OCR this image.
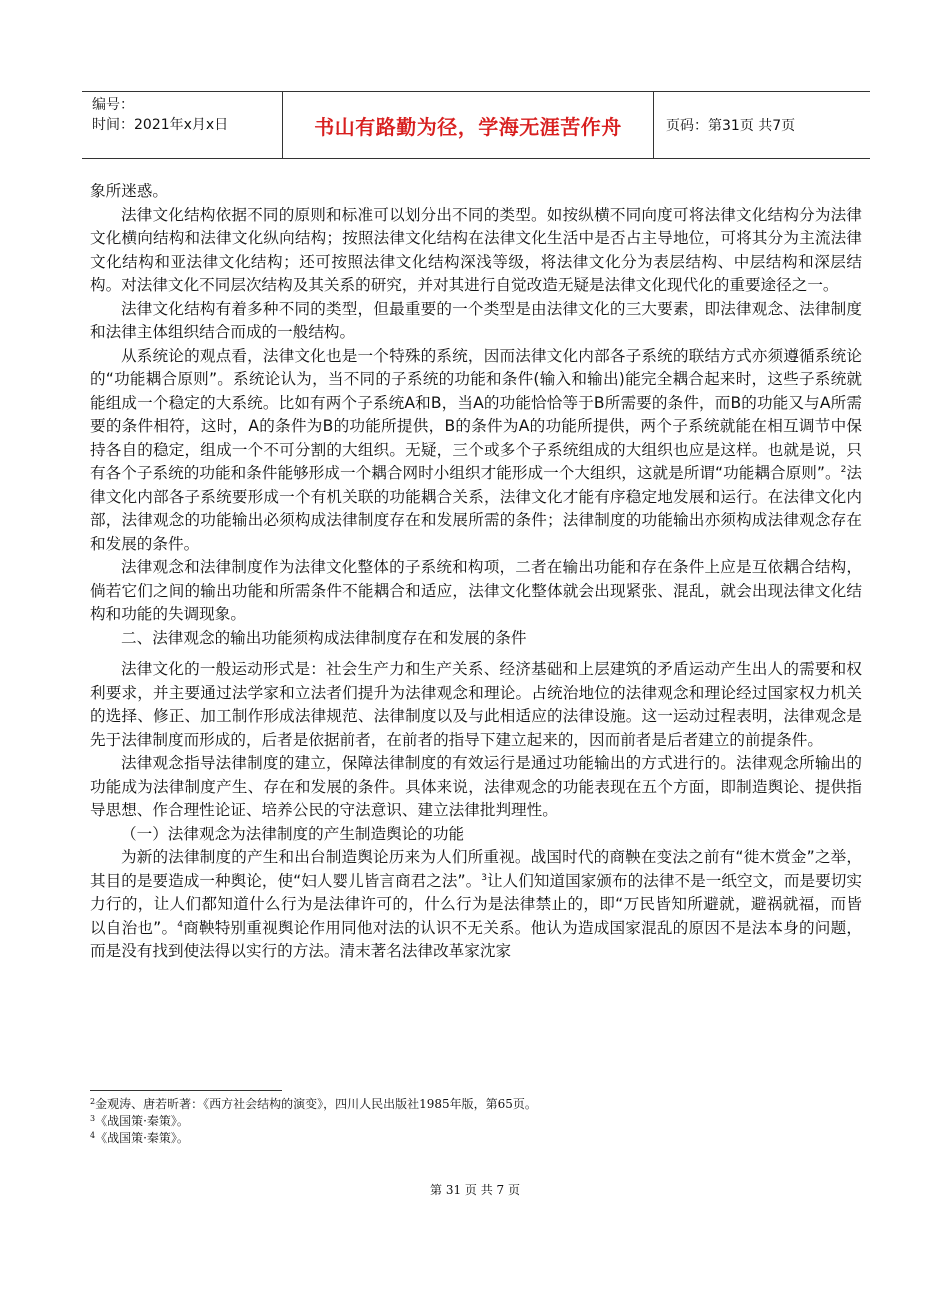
编号：
时间：2021年x月x日	书山有路勤为径，学海无涯苦作舟	页码：第31页 共7页

象所迷惑。

法律文化结构依据不同的原则和标准可以划分出不同的类型。如按纵横不同向度可将法律文化结构分为法律文化横向结构和法律文化纵向结构；按照法律文化结构在法律文化生活中是否占主导地位，可将其分为主流法律文化结构和亚法律文化结构；还可按照法律文化结构深浅等级，将法律文化分为表层结构、中层结构和深层结构。对法律文化不同层次结构及其关系的研究，并对其进行自觉改造无疑是法律文化现代化的重要途径之一。

法律文化结构有着多种不同的类型，但最重要的一个类型是由法律文化的三大要素，即法律观念、法律制度和法律主体组织结合而成的一般结构。

从系统论的观点看，法律文化也是一个特殊的系统，因而法律文化内部各子系统的联结方式亦须遵循系统论的“功能耦合原则”。系统论认为，当不同的子系统的功能和条件(输入和输出)能完全耦合起来时，这些子系统就能组成一个稳定的大系统。比如有两个子系统A和B，当A的功能恰恰等于B所需要的条件，而B的功能又与A所需要的条件相符，这时，A的条件为B的功能所提供，B的条件为A的功能所提供，两个子系统就能在相互调节中保持各自的稳定，组成一个不可分割的大组织。无疑，三个或多个子系统组成的大组织也应是这样。也就是说，只有各个子系统的功能和条件能够形成一个耦合网时小组织才能形成一个大组织，这就是所谓“功能耦合原则”。$^2$法律文化内部各子系统要形成一个有机关联的功能耦合关系，法律文化才能有序稳定地发展和运行。在法律文化内部，法律观念的功能输出必须构成法律制度存在和发展所需的条件；法律制度的功能输出亦须构成法律观念存在和发展的条件。

法律观念和法律制度作为法律文化整体的子系统和构项，二者在输出功能和存在条件上应是互依耦合结构，倘若它们之间的输出功能和所需条件不能耦合和适应，法律文化整体就会出现紧张、混乱，就会出现法律文化结构和功能的失调现象。

二、法律观念的输出功能须构成法律制度存在和发展的条件

法律文化的一般运动形式是：社会生产力和生产关系、经济基础和上层建筑的矛盾运动产生出人的需要和权利要求，并主要通过法学家和立法者们提升为法律观念和理论。占统治地位的法律观念和理论经过国家权力机关的选择、修正、加工制作形成法律规范、法律制度以及与此相适应的法律设施。这一运动过程表明，法律观念是先于法律制度而形成的，后者是依据前者，在前者的指导下建立起来的，因而前者是后者建立的前提条件。

法律观念指导法律制度的建立，保障法律制度的有效运行是通过功能输出的方式进行的。法律观念所输出的功能成为法律制度产生、存在和发展的条件。具体来说，法律观念的功能表现在五个方面，即制造舆论、提供指导思想、作合理性论证、培养公民的守法意识、建立法律批判理性。

（一）法律观念为法律制度的产生制造舆论的功能

为新的法律制度的产生和出台制造舆论历来为人们所重视。战国时代的商鞅在变法之前有“徙木赏金”之举，其目的是要造成一种舆论，使“妇人婴儿皆言商君之法”。$^3$让人们知道国家颁布的法律不是一纸空文，而是要切实力行的，让人们都知道什么行为是法律许可的，什么行为是法律禁止的，即“万民皆知所避就，避祸就福，而皆以自治也”。$^4$商鞅特别重视舆论作用同他对法的认识不无关系。他认为造成国家混乱的原因不是法本身的问题，而是没有找到使法得以实行的方法。清末著名法律改革家沈家

$^2$金观涛、唐若昕著：《西方社会结构的演变》，四川人民出版社1985年版，第65页。

$^3$《战国策·秦策》。

$^4$《战国策·秦策》。

第 31 页 共 7 页
